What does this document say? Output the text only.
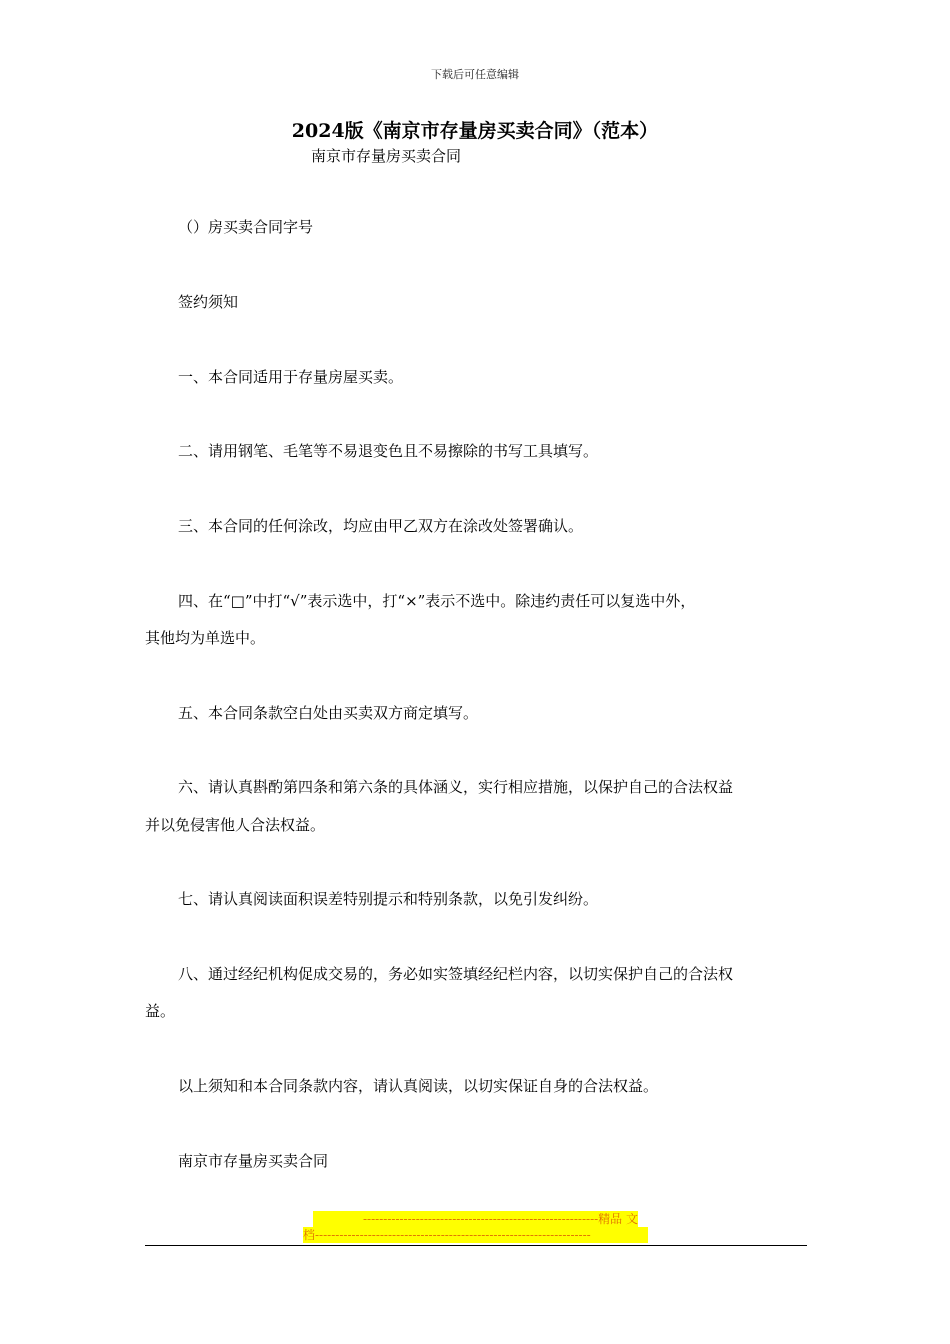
下载后可任意编辑
2024版《南京市存量房买卖合同》（范本）
南京市存量房买卖合同
（）房买卖合同字号
签约须知
一、本合同适用于存量房屋买卖。
二、请用钢笔、毛笔等不易退变色且不易擦除的书写工具填写。
三、本合同的任何涂改，均应由甲乙双方在涂改处签署确认。
四、在“□”中打“√”表示选中，打“×”表示不选中。除违约责任可以复选中外，
其他均为单选中。
五、本合同条款空白处由买卖双方商定填写。
六、请认真斟酌第四条和第六条的具体涵义，实行相应措施，以保护自己的合法权益
并以免侵害他人合法权益。
七、请认真阅读面积误差特别提示和特别条款，以免引发纠纷。
八、通过经纪机构促成交易的，务必如实签填经纪栏内容，以切实保护自己的合法权
益。
以上须知和本合同条款内容，请认真阅读，以切实保证自身的合法权益。
南京市存量房买卖合同
----------------------------------------------------------精品 文
档--------------------------------------------------------------------
